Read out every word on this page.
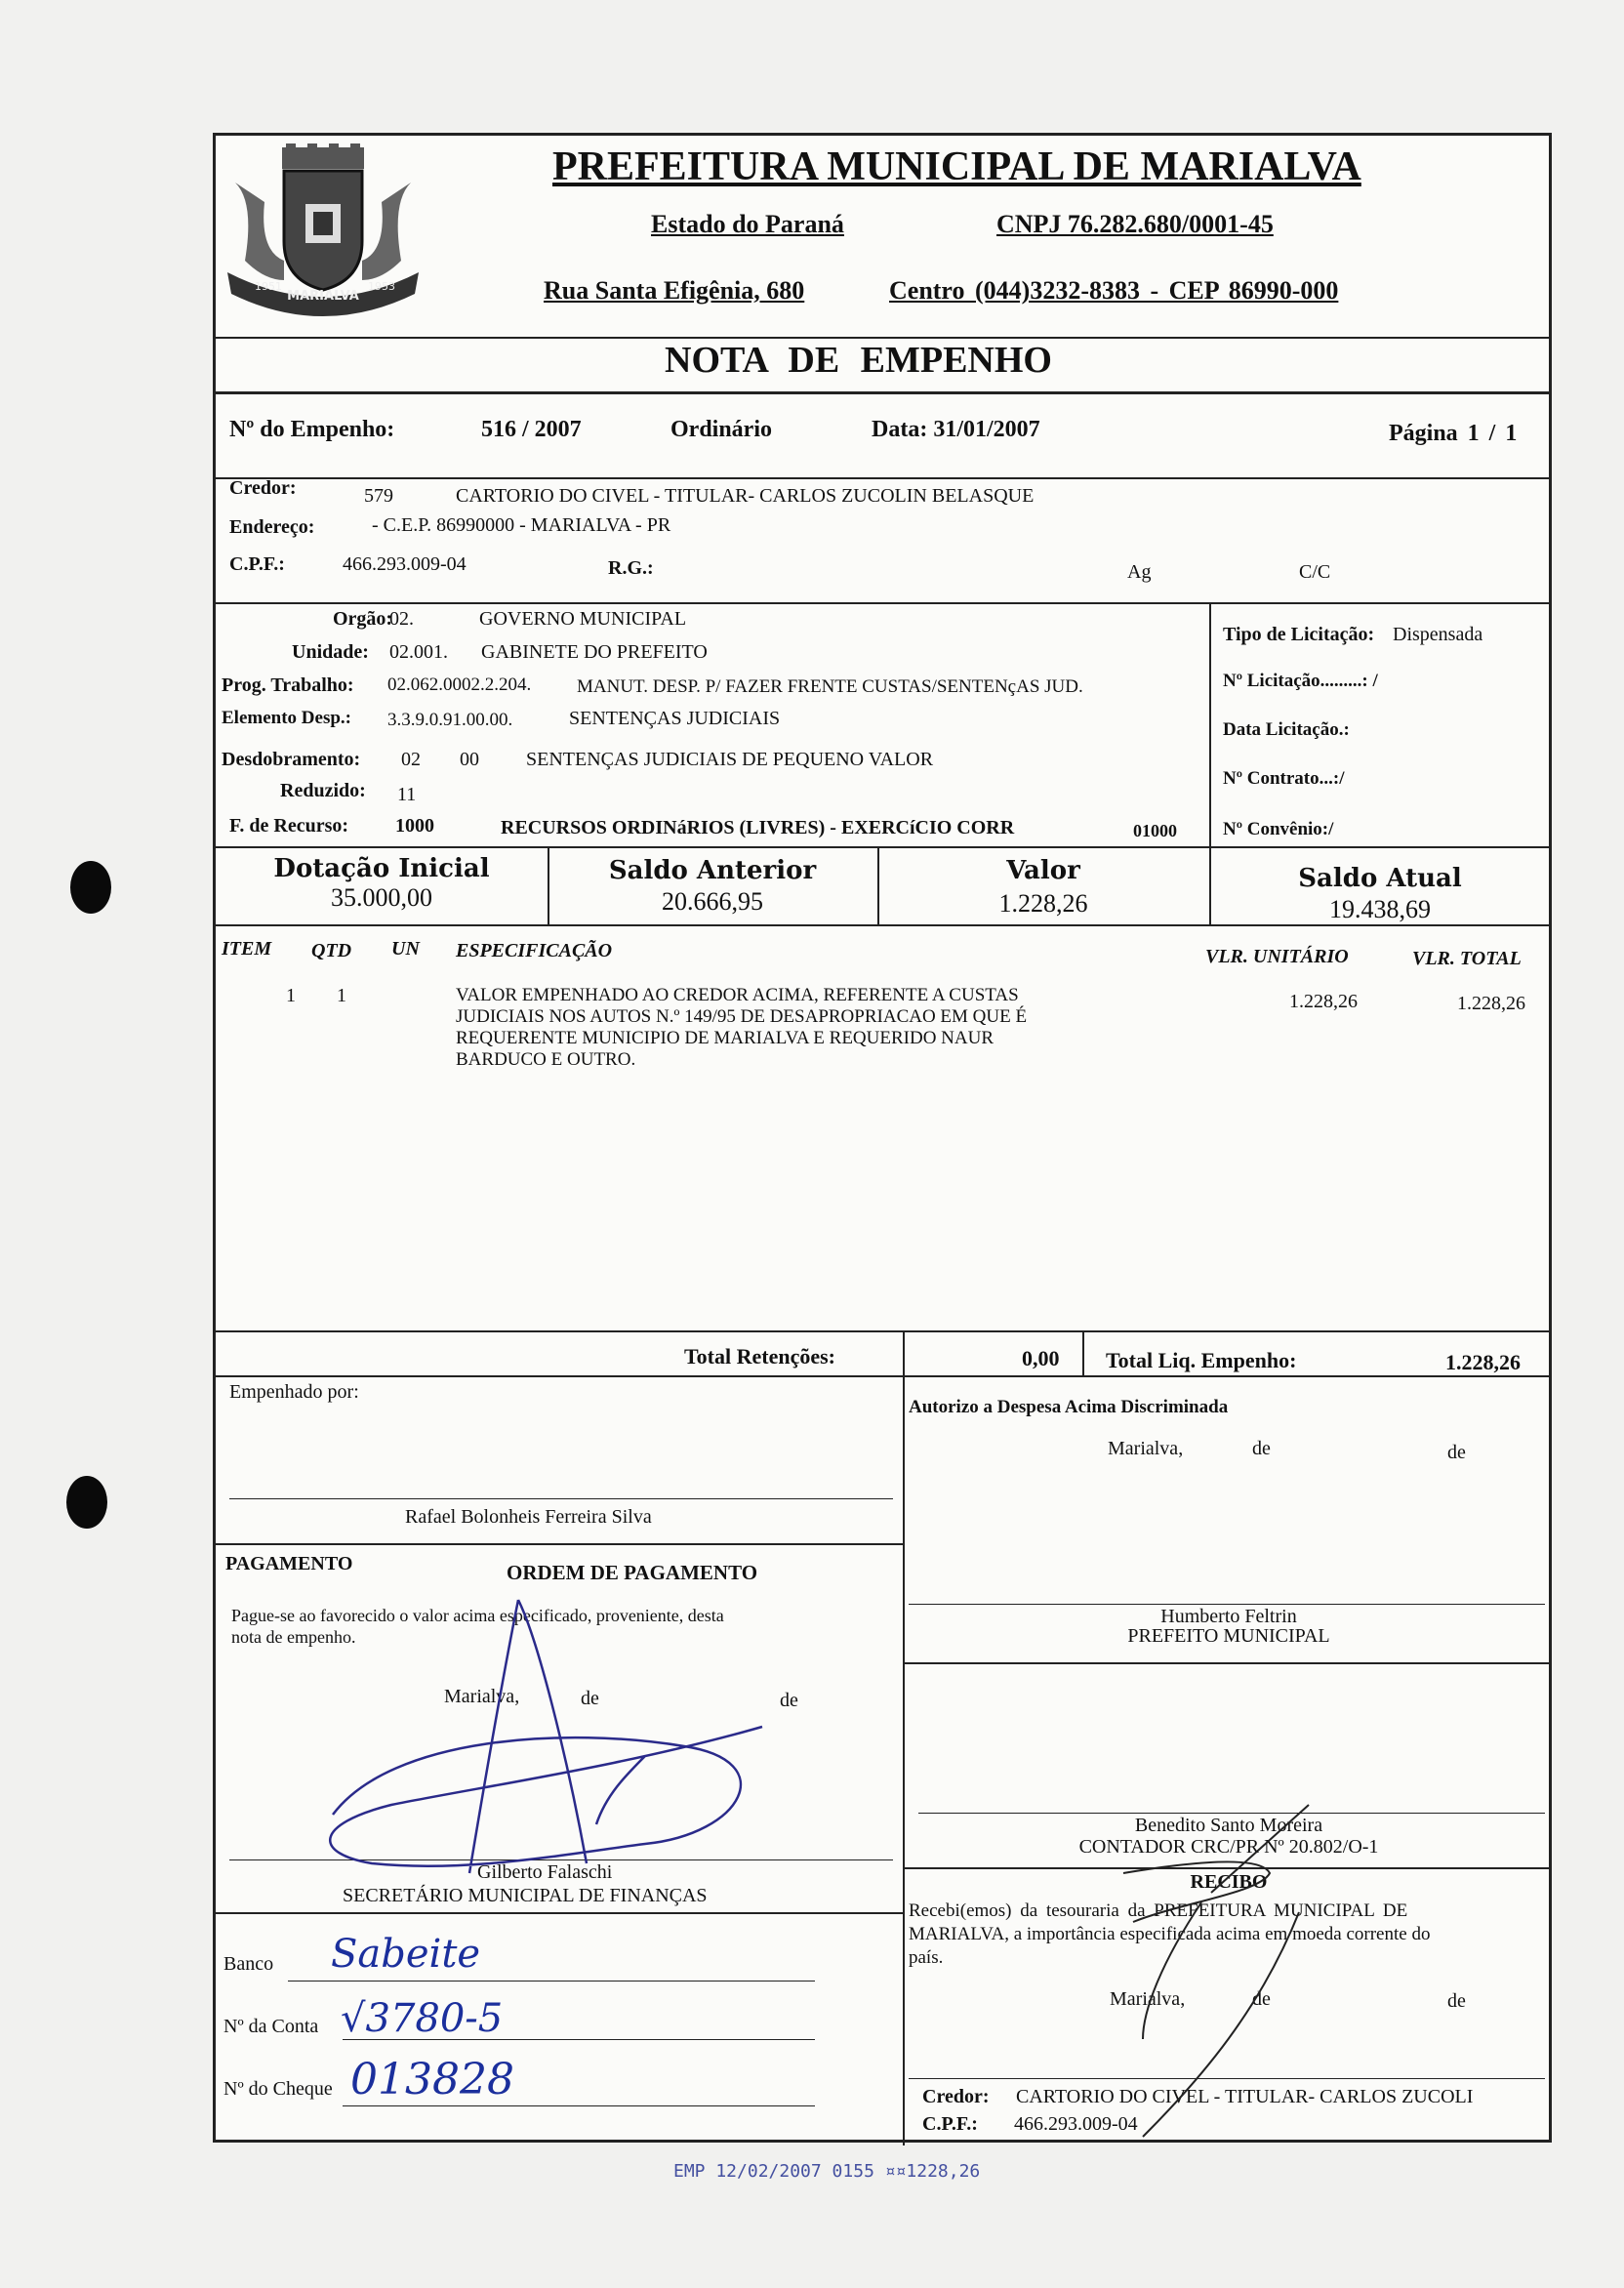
MARIALVA
1951	1953
PREFEITURA MUNICIPAL DE MARIALVA
Estado do Paraná	CNPJ 76.282.680/0001-45
Rua Santa Efigênia, 680	Centro (044)3232-8383 - CEP 86990-000
NOTA DE EMPENHO
Nº do Empenho:	516 / 2007	Ordinário	Data: 31/01/2007	Página 1 / 1
Credor:	579	CARTORIO DO CIVEL - TITULAR- CARLOS ZUCOLIN BELASQUE
Endereço:	- C.E.P. 86990000 - MARIALVA - PR
C.P.F.:	466.293.009-04	R.G.:	Ag	C/C
Orgão:
02.	GOVERNO MUNICIPAL
Unidade: 02.001. GABINETE DO PREFEITO
Prog. Trabalho: 02.062.0002.2.204. MANUT. DESP. P/ FAZER FRENTE CUSTAS/SENTENçAS JUD.
Elemento Desp.: 3.3.9.0.91.00.00.	SENTENÇAS JUDICIAIS
Desdobramento: 02 00 SENTENÇAS JUDICIAIS DE PEQUENO VALOR
Reduzido: 11
F. de Recurso: 1000	RECURSOS ORDINáRIOS (LIVRES) - EXERCíCIO CORR	01000
Tipo de Licitação: Dispensada
Nº Licitação.........: /
Data Licitação.:
Nº Contrato...:/
Nº Convênio:/
Dotação Inicial
35.000,00
Saldo Anterior
20.666,95
Valor
1.228,26
Saldo Atual
19.438,69
ITEM QTD UN ESPECIFICAÇÃO	VLR. UNITÁRIO	VLR. TOTAL
1 1	VALOR EMPENHADO AO CREDOR ACIMA, REFERENTE A CUSTAS
JUDICIAIS NOS AUTOS N.º 149/95 DE DESAPROPRIACAO EM QUE É
REQUERENTE MUNICIPIO DE MARIALVA E REQUERIDO NAUR
BARDUCO E OUTRO.
1.228,26	1.228,26
Total Retenções:	0,00 Total Liq. Empenho:	1.228,26
Empenhado por:
Rafael Bolonheis Ferreira Silva
Autorizo a Despesa Acima Discriminada
Marialva,	de	de
Humberto Feltrin
PREFEITO MUNICIPAL
PAGAMENTO	ORDEM DE PAGAMENTO
Pague-se ao favorecido o valor acima especificado, proveniente, desta
nota de empenho.
Marialva,	de	de
Gilberto Falaschi
SECRETÁRIO MUNICIPAL DE FINANÇAS
Banco Sabeite
Nº da Conta √3780-5
Nº do Cheque 013828
Benedito Santo Moreira
CONTADOR CRC/PR Nº 20.802/O-1
RECIBO
Recebi(emos) da tesouraria da PREFEITURA MUNICIPAL DE
MARIALVA, a importância especificada acima em moeda corrente do
país.
Marialva,	de	de
Credor: CARTORIO DO CIVEL - TITULAR- CARLOS ZUCOLI
C.P.F.: 466.293.009-04
EMP 12/02/2007 0155 ¤¤1228,26
